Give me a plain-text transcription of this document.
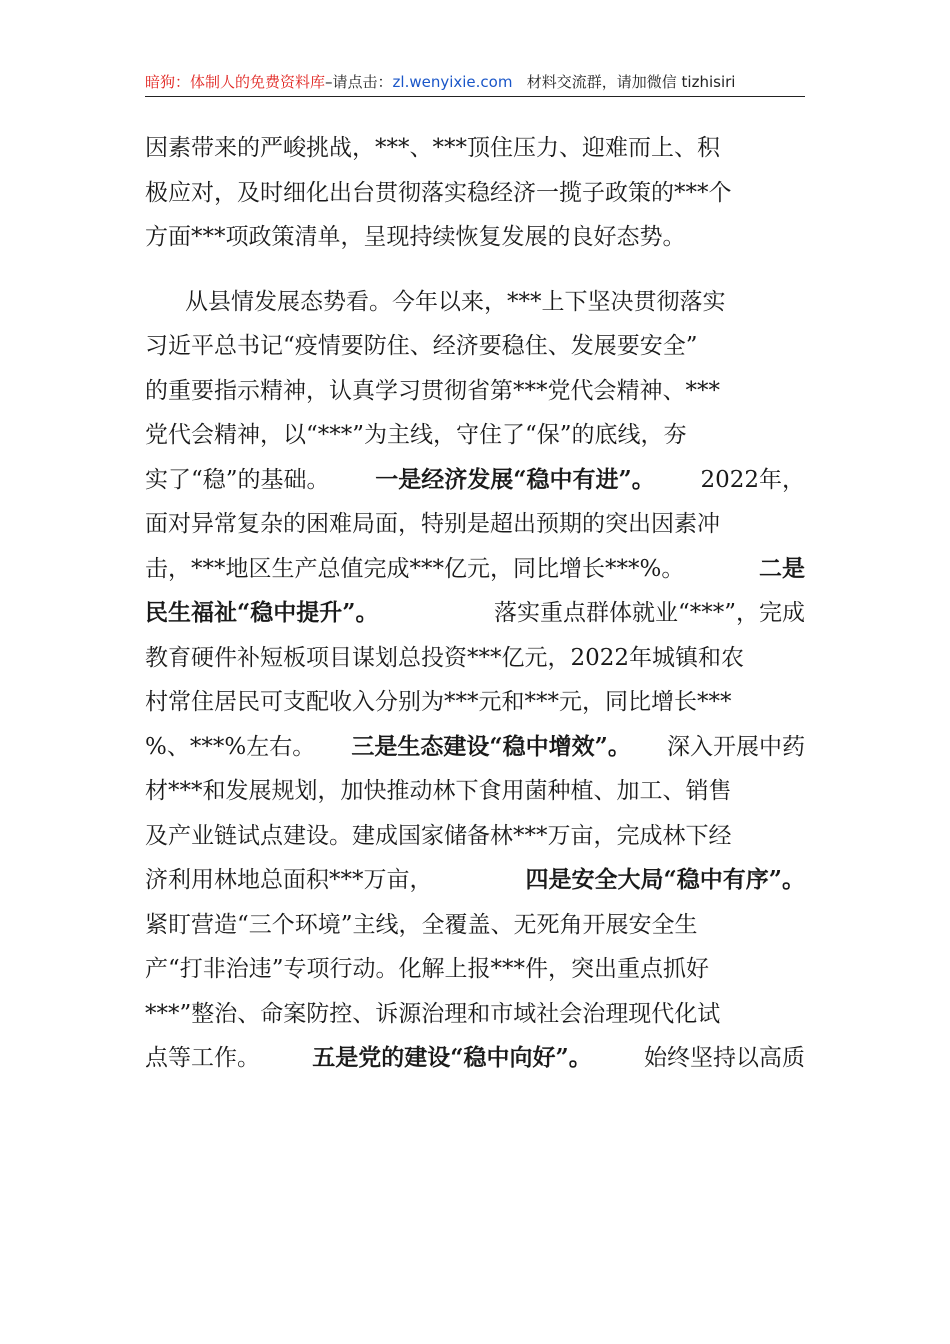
暗狗：体制人的免费资料库–请点击：zl.wenyixie.com 材料交流群，请加微信 tizhisiri
因素带来的严峻挑战，***、***顶住压力、迎难而上、积
极应对，及时细化出台贯彻落实稳经济一揽子政策的***个
方面***项政策清单，呈现持续恢复发展的良好态势。
从县情发展态势看。今年以来，***上下坚决贯彻落实
习近平总书记“疫情要防住、经济要稳住、发展要安全”
的重要指示精神，认真学习贯彻省第***党代会精神、***
党代会精神，以“***”为主线，守住了“保”的底线，夯
实了“稳”的基础。 一是经济发展“稳中有进”。 2022年，
面对异常复杂的困难局面，特别是超出预期的突出因素冲
击，***地区生产总值完成***亿元，同比增长***%。	二是
民生福祉“稳中提升”。	落实重点群体就业“***”，完成
教育硬件补短板项目谋划总投资***亿元，2022年城镇和农
村常住居民可支配收入分别为***元和***元，同比增长***
%、***%左右。 三是生态建设“稳中增效”。 深入开展中药
材***和发展规划，加快推动林下食用菌种植、加工、销售
及产业链试点建设。建成国家储备林***万亩，完成林下经
济利用林地总面积***万亩，	四是安全大局“稳中有序”。
紧盯营造“三个环境”主线，全覆盖、无死角开展安全生
产“打非治违”专项行动。化解上报***件，突出重点抓好
***”整治、命案防控、诉源治理和市域社会治理现代化试
点等工作。 五是党的建设“稳中向好”。 始终坚持以高质
